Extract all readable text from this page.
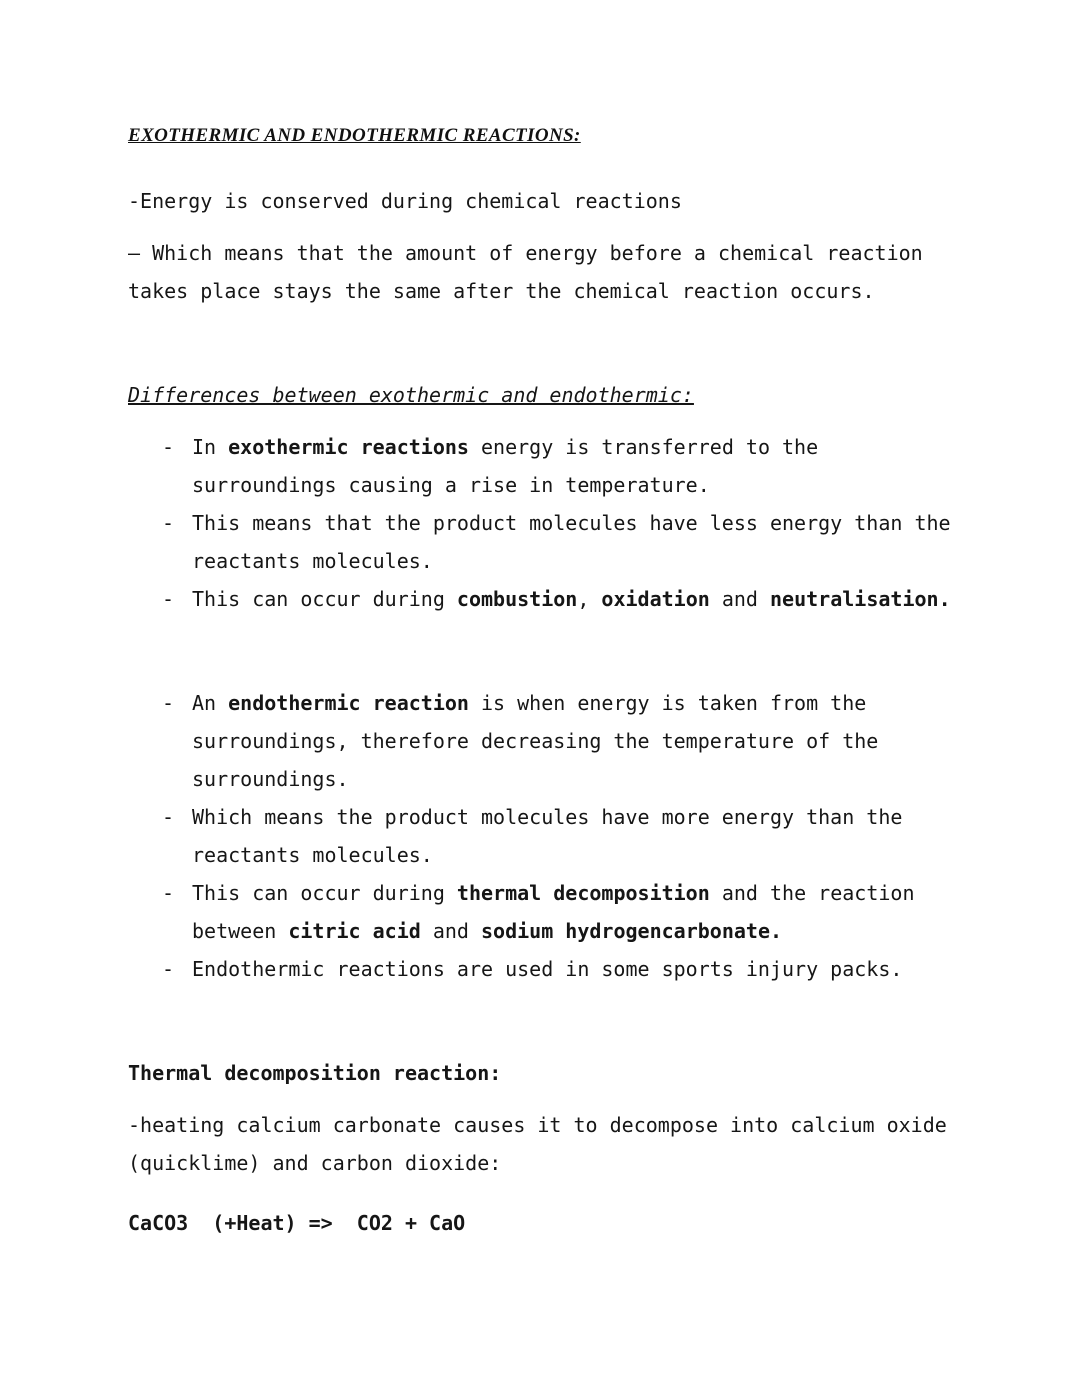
EXOTHERMIC AND ENDOTHERMIC REACTIONS:

-Energy is conserved during chemical reactions

– Which means that the amount of energy before a chemical reaction takes place stays the same after the chemical reaction occurs.

Differences between exothermic and endothermic:
- In exothermic reactions energy is transferred to the surroundings causing a rise in temperature.
- This means that the product molecules have less energy than the reactants molecules.
- This can occur during combustion, oxidation and neutralisation.
- An endothermic reaction is when energy is taken from the surroundings, therefore decreasing the temperature of the surroundings.
- Which means the product molecules have more energy than the reactants molecules.
- This can occur during thermal decomposition and the reaction between citric acid and sodium hydrogencarbonate.
- Endothermic reactions are used in some sports injury packs.
Thermal decomposition reaction:

-heating calcium carbonate causes it to decompose into calcium oxide (quicklime) and carbon dioxide:

CaCO3  (+Heat) =>  CO2 + CaO
